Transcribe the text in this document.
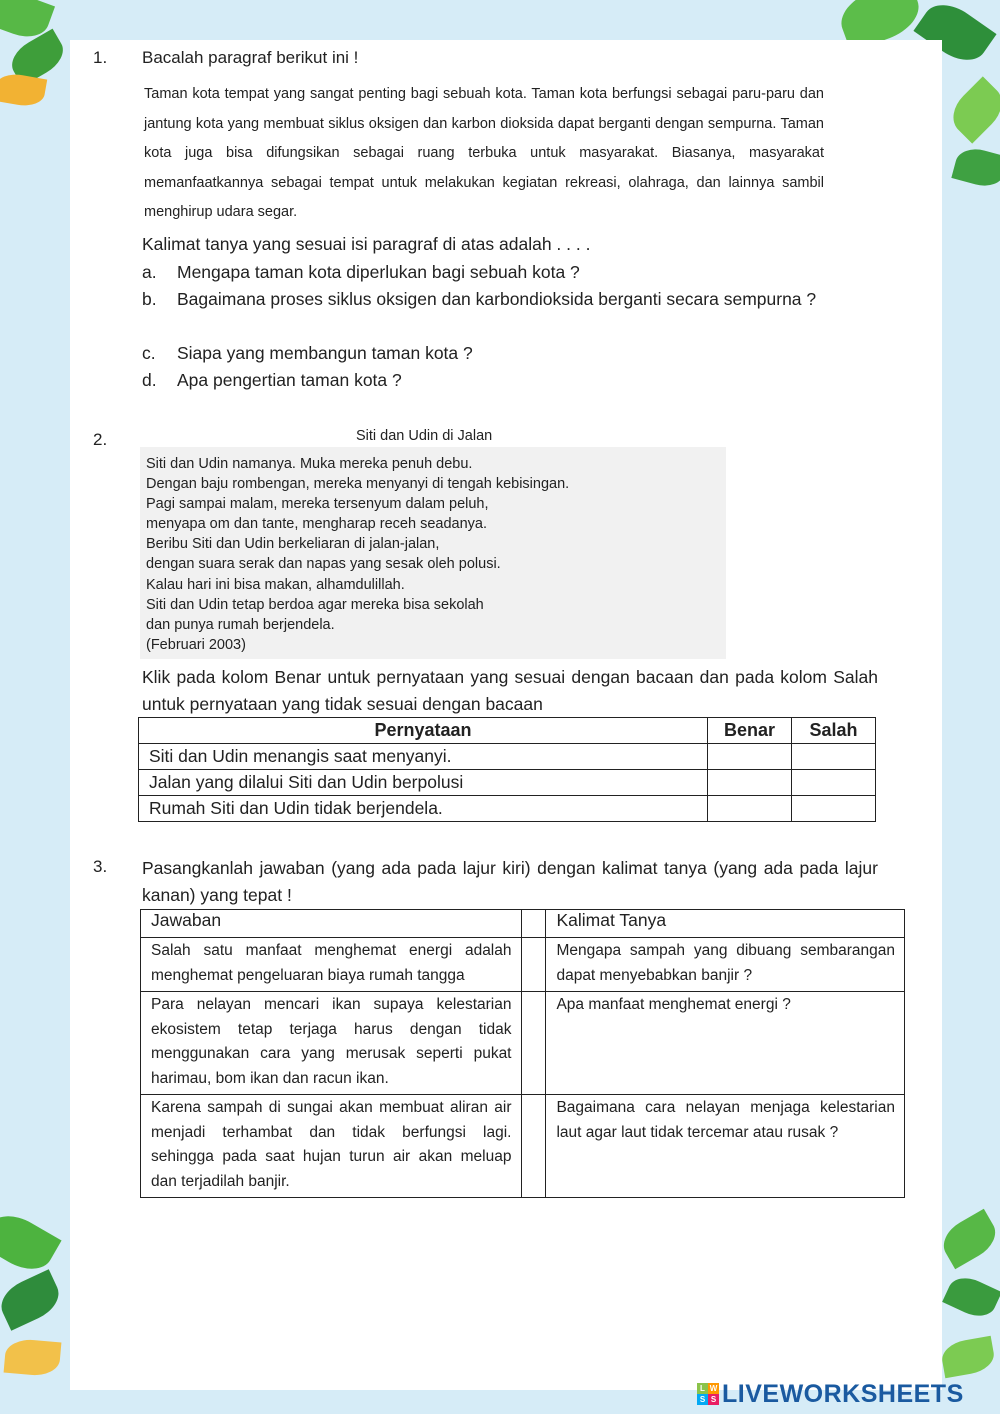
1. Bacalah paragraf berikut ini !
Taman kota tempat yang sangat penting bagi sebuah kota. Taman kota berfungsi sebagai paru-paru dan jantung kota yang membuat siklus oksigen dan karbon dioksida dapat berganti dengan sempurna. Taman kota juga bisa difungsikan sebagai ruang terbuka untuk masyarakat. Biasanya, masyarakat memanfaatkannya sebagai tempat untuk melakukan kegiatan rekreasi, olahraga, dan lainnya sambil menghirup udara segar.
Kalimat tanya yang sesuai isi paragraf di atas adalah . . . .
a. Mengapa taman kota diperlukan bagi sebuah kota ?
b. Bagaimana proses siklus oksigen dan karbondioksida berganti secara sempurna ?
c. Siapa yang membangun taman kota ?
d. Apa pengertian taman kota ?
2.	Siti dan Udin di Jalan
Siti dan Udin namanya. Muka mereka penuh debu.
Dengan baju rombengan, mereka menyanyi di tengah kebisingan.
Pagi sampai malam, mereka tersenyum dalam peluh,
menyapa om dan tante, mengharap receh seadanya.
Beribu Siti dan Udin berkeliaran di jalan-jalan,
dengan suara serak dan napas yang sesak oleh polusi.
Kalau hari ini bisa makan, alhamdulillah.
Siti dan Udin tetap berdoa agar mereka bisa sekolah
dan punya rumah berjendela.
(Februari 2003)
Klik pada kolom Benar untuk pernyataan yang sesuai dengan bacaan dan pada kolom Salah untuk pernyataan yang tidak sesuai dengan bacaan
Pernyataan	Benar	Salah
Siti dan Udin menangis saat menyanyi.		
Jalan yang dilalui Siti dan Udin berpolusi		
Rumah Siti dan Udin tidak berjendela.		
3. Pasangkanlah jawaban (yang ada pada lajur kiri) dengan kalimat tanya (yang ada pada lajur kanan) yang tepat !
Jawaban		Kalimat Tanya
Salah satu manfaat menghemat energi adalah menghemat pengeluaran biaya rumah tangga		Mengapa sampah yang dibuang sembarangan dapat menyebabkan banjir ?
Para nelayan mencari ikan supaya kelestarian ekosistem tetap terjaga harus dengan tidak menggunakan cara yang merusak seperti pukat harimau, bom ikan dan racun ikan.		Apa manfaat menghemat energi ?
Karena sampah di sungai akan membuat aliran air menjadi terhambat dan tidak berfungsi lagi. sehingga pada saat hujan turun air akan meluap dan terjadilah banjir.		Bagaimana cara nelayan menjaga kelestarian laut agar laut tidak tercemar atau rusak ?
L W
S S LIVEWORKSHEETS
